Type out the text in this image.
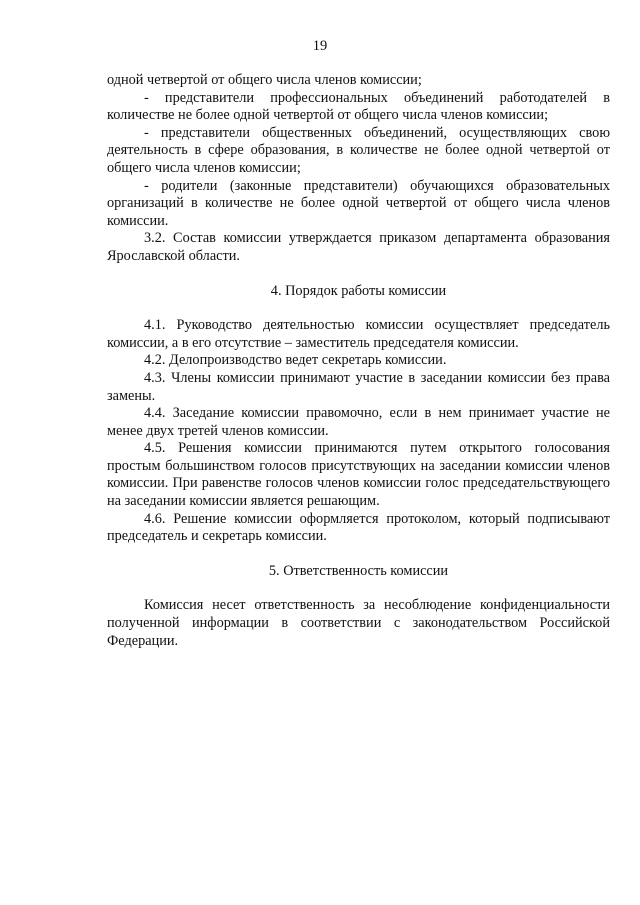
19

одной четвертой от общего числа членов комиссии;

- представители профессиональных объединений работодателей в количестве не более одной четвертой от общего числа членов комиссии;

- представители общественных объединений, осуществляющих свою деятельность в сфере образования, в количестве не более одной четвертой от общего числа членов комиссии;

- родители (законные представители) обучающихся образовательных организаций в количестве не более одной четвертой от общего числа членов комиссии.

3.2. Состав комиссии утверждается приказом департамента образования Ярославской области.

4. Порядок работы комиссии

4.1. Руководство деятельностью комиссии осуществляет председатель комиссии, а в его отсутствие – заместитель председателя комиссии.

4.2. Делопроизводство ведет секретарь комиссии.

4.3. Члены комиссии принимают участие в заседании комиссии без права замены.

4.4. Заседание комиссии правомочно, если в нем принимает участие не менее двух третей членов комиссии.

4.5. Решения комиссии принимаются путем открытого голосования простым большинством голосов присутствующих на заседании комиссии членов комиссии. При равенстве голосов членов комиссии голос председательствующего на заседании комиссии является решающим.

4.6. Решение комиссии оформляется протоколом, который подписывают председатель и секретарь комиссии.

5. Ответственность комиссии

Комиссия несет ответственность за несоблюдение конфиденциальности полученной информации в соответствии с законодательством Российской Федерации.
